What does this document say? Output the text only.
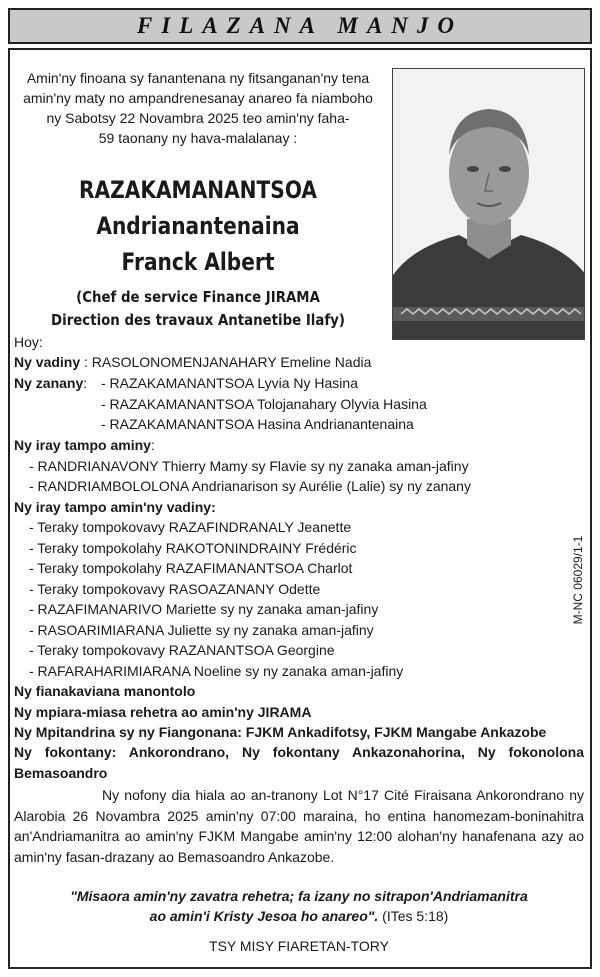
FILAZANA MANJO
Amin'ny finoana sy fanantenana ny fitsanganan'ny tena
amin'ny maty no ampandrenesanay anareo fa niamboho
ny Sabotsy 22 Novambra 2025 teo amin'ny faha-
59 taonany ny hava-malalanay :
RAZAKAMANANTSOA
Andrianantenaina
Franck Albert
(Chef de service Finance JIRAMA
Direction des travaux Antanetibe Ilafy)
M-NC 06029/1-1
Hoy:
Ny vadiny : RASOLONOMENJANAHARY Emeline Nadia
Ny zanany: - RAZAKAMANANTSOA Lyvia Ny Hasina
- RAZAKAMANANTSOA Tolojanahary Olyvia Hasina
- RAZAKAMANANTSOA Hasina Andrianantenaina
Ny iray tampo aminy:
- RANDRIANAVONY Thierry Mamy sy Flavie sy ny zanaka aman-jafiny
- RANDRIAMBOLOLONA Andrianarison sy Aurélie (Lalie) sy ny zanany
Ny iray tampo amin'ny vadiny:
- Teraky tompokovavy RAZAFINDRANALY Jeanette
- Teraky tompokolahy RAKOTONINDRAINY Frédéric
- Teraky tompokolahy RAZAFIMANANTSOA Charlot
- Teraky tompokovavy RASOAZANANY Odette
- RAZAFIMANARIVO Mariette sy ny zanaka aman-jafiny
- RASOARIMIARANA Juliette sy ny zanaka aman-jafiny
- Teraky tompokovavy RAZANANTSOA Georgine
- RAFARAHARIMIARANA Noeline sy ny zanaka aman-jafiny
Ny fianakaviana manontolo
Ny mpiara-miasa rehetra ao amin'ny JIRAMA
Ny Mpitandrina sy ny Fiangonana: FJKM Ankadifotsy, FJKM Mangabe Ankazobe
Ny fokontany: Ankorondrano, Ny fokontany Ankazonahorina, Ny fokonolona
Bemasoandro
Ny nofony dia hiala ao an-tranony Lot N°17 Cité Firaisana Ankorondrano ny
Alarobia 26 Novambra 2025 amin'ny 07:00 maraina, ho entina hanomezam-boninahitra
an'Andriamanitra ao amin'ny FJKM Mangabe amin'ny 12:00 alohan'ny hanafenana azy ao
amin'ny fasan-drazany ao Bemasoandro Ankazobe.
"Misaora amin'ny zavatra rehetra; fa izany no sitrapon'Andriamanitra
ao amin'i Kristy Jesoa ho anareo". (ITes 5:18)
TSY MISY FIARETAN-TORY
